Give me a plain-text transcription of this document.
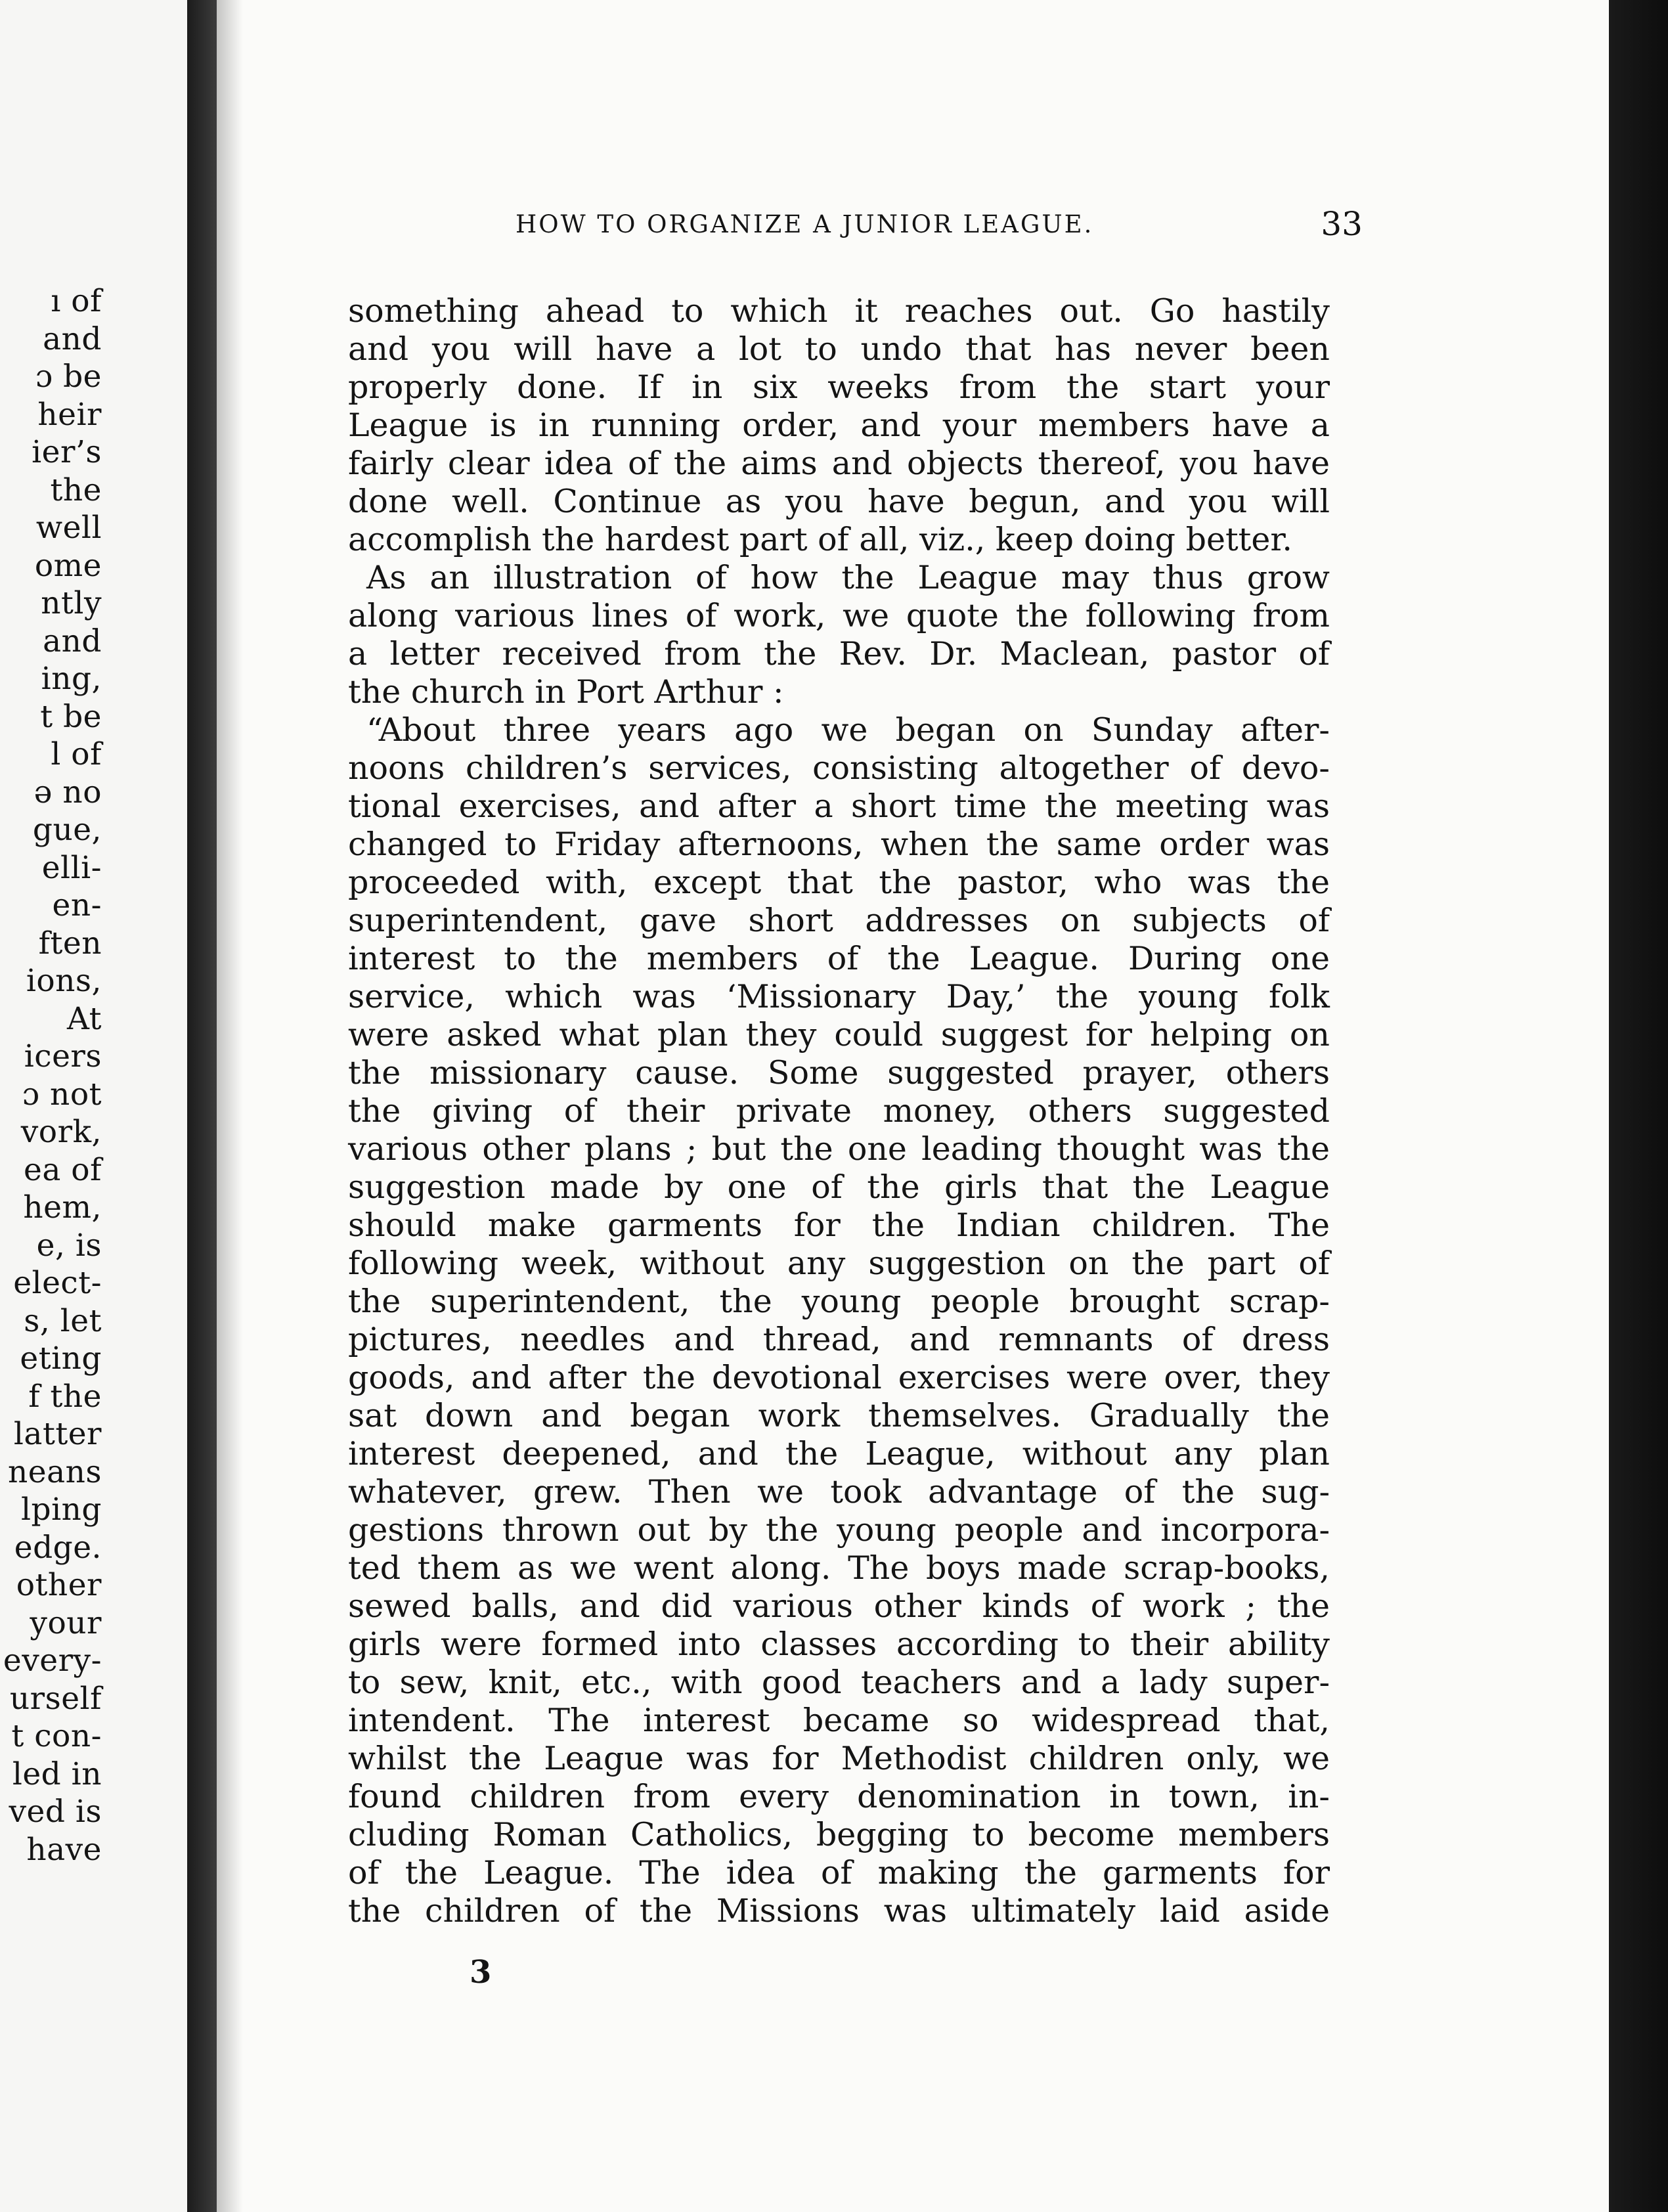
ı of
and
ɔ be
heir
ier’s
the
well
ome
ntly
and
ing,
t be
l of
ə no
gue,
elli-
en-
ften
ions,
At
icers
ɔ not
vork,
ea of
hem,
e, is
elect-
s, let
eting
f the
latter
neans
lping
edge.
other
your
every-
urself
t con-
led in
ved is
have
HOW TO ORGANIZE A JUNIOR LEAGUE.	33
something ahead to which it reaches out. Go hastily
and you will have a lot to undo that has never been
properly done. If in six weeks from the start your
League is in running order, and your members have a
fairly clear idea of the aims and objects thereof, you have
done well. Continue as you have begun, and you will
accomplish the hardest part of all, viz., keep doing better.
As an illustration of how the League may thus grow
along various lines of work, we quote the following from
a letter received from the Rev. Dr. Maclean, pastor of
the church in Port Arthur :
“About three years ago we began on Sunday after-
noons children’s services, consisting altogether of devo-
tional exercises, and after a short time the meeting was
changed to Friday afternoons, when the same order was
proceeded with, except that the pastor, who was the
superintendent, gave short addresses on subjects of
interest to the members of the League. During one
service, which was ‘Missionary Day,’ the young folk
were asked what plan they could suggest for helping on
the missionary cause. Some suggested prayer, others
the giving of their private money, others suggested
various other plans ; but the one leading thought was the
suggestion made by one of the girls that the League
should make garments for the Indian children. The
following week, without any suggestion on the part of
the superintendent, the young people brought scrap-
pictures, needles and thread, and remnants of dress
goods, and after the devotional exercises were over, they
sat down and began work themselves. Gradually the
interest deepened, and the League, without any plan
whatever, grew. Then we took advantage of the sug-
gestions thrown out by the young people and incorpora-
ted them as we went along. The boys made scrap-books,
sewed balls, and did various other kinds of work ; the
girls were formed into classes according to their ability
to sew, knit, etc., with good teachers and a lady super-
intendent. The interest became so widespread that,
whilst the League was for Methodist children only, we
found children from every denomination in town, in-
cluding Roman Catholics, begging to become members
of the League. The idea of making the garments for
the children of the Missions was ultimately laid aside
3
